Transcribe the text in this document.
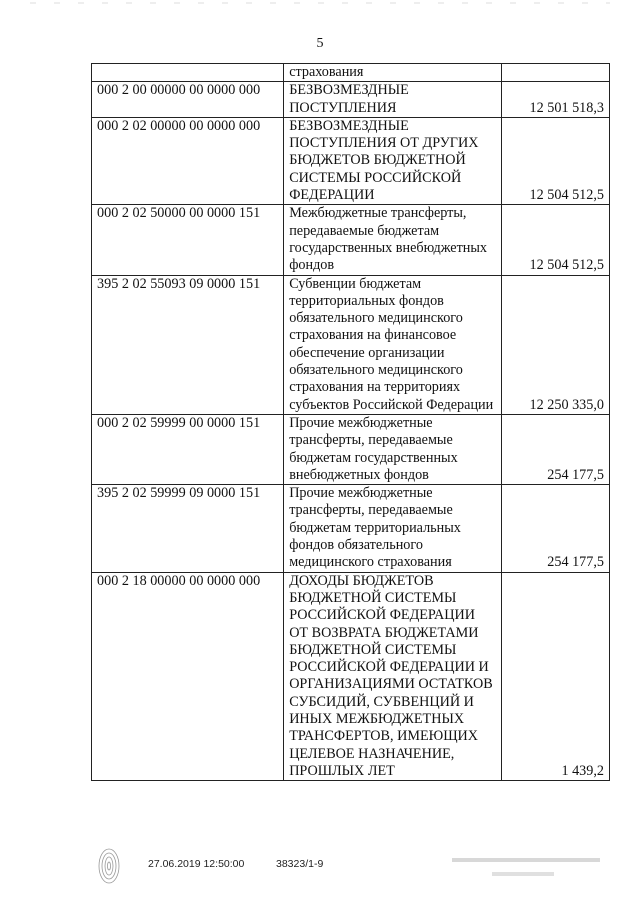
5
	страхования	
000 2 00 00000 00 0000 000	БЕЗВОЗМЕЗДНЫЕ ПОСТУПЛЕНИЯ	12 501 518,3
000 2 02 00000 00 0000 000	БЕЗВОЗМЕЗДНЫЕ ПОСТУПЛЕНИЯ ОТ ДРУГИХ БЮДЖЕТОВ БЮДЖЕТНОЙ СИСТЕМЫ РОССИЙСКОЙ ФЕДЕРАЦИИ	12 504 512,5
000 2 02 50000 00 0000 151	Межбюджетные трансферты, передаваемые бюджетам государственных внебюджетных фондов	12 504 512,5
395 2 02 55093 09 0000 151	Субвенции бюджетам территориальных фондов обязательного медицинского страхования на финансовое обеспечение организации обязательного медицинского страхования на территориях субъектов Российской Федерации	12 250 335,0
000 2 02 59999 00 0000 151	Прочие межбюджетные трансферты, передаваемые бюджетам государственных внебюджетных фондов	254 177,5
395 2 02 59999 09 0000 151	Прочие межбюджетные трансферты, передаваемые бюджетам территориальных фондов обязательного медицинского страхования	254 177,5
000 2 18 00000 00 0000 000	ДОХОДЫ БЮДЖЕТОВ БЮДЖЕТНОЙ СИСТЕМЫ РОССИЙСКОЙ ФЕДЕРАЦИИ ОТ ВОЗВРАТА БЮДЖЕТАМИ БЮДЖЕТНОЙ СИСТЕМЫ РОССИЙСКОЙ ФЕДЕРАЦИИ И ОРГАНИЗАЦИЯМИ ОСТАТКОВ СУБСИДИЙ, СУБВЕНЦИЙ И ИНЫХ МЕЖБЮДЖЕТНЫХ ТРАНСФЕРТОВ, ИМЕЮЩИХ ЦЕЛЕВОЕ НАЗНАЧЕНИЕ, ПРОШЛЫХ ЛЕТ	1 439,2
27.06.2019 12:50:00	38323/1-9
